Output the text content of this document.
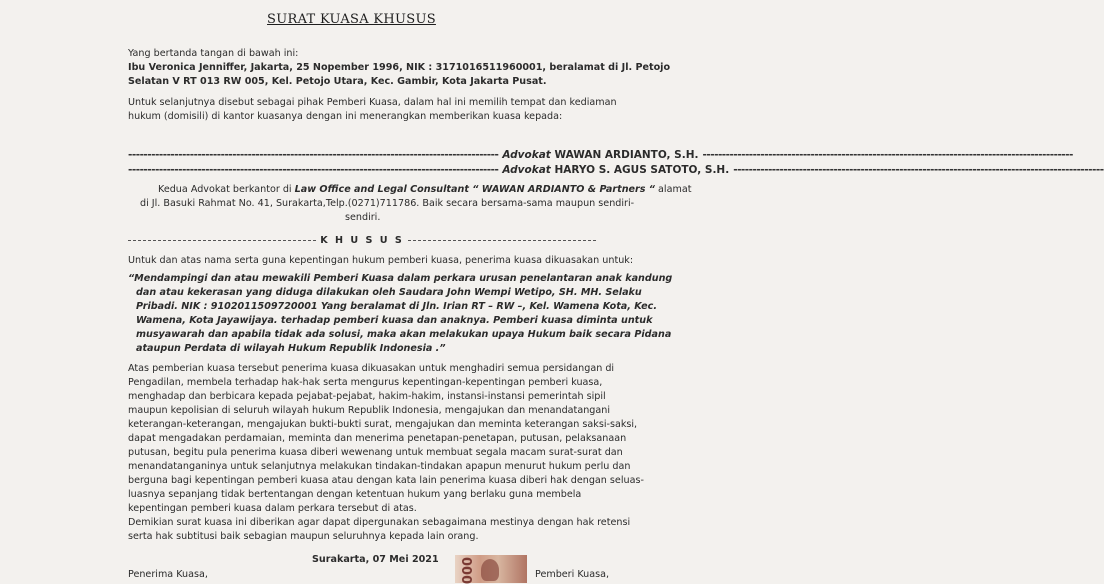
SURAT KUASA KHUSUS
Yang bertanda tangan di bawah ini:
Ibu Veronica Jenniffer, Jakarta, 25 Nopember 1996, NIK : 3171016511960001, beralamat di Jl. Petojo
Selatan V RT 013 RW 005, Kel. Petojo Utara, Kec. Gambir, Kota Jakarta Pusat.
Untuk selanjutnya disebut sebagai pihak Pemberi Kuasa, dalam hal ini memilih tempat dan kediaman
hukum (domisili) di kantor kuasanya dengan ini menerangkan memberikan kuasa kepada:
------------------------------------------------------------------------------------------------ Advokat WAWAN ARDIANTO, S.H. ------------------------------------------------------------------------------------------------
------------------------------------------------------------------------------------------------ Advokat HARYO S. AGUS SATOTO, S.H. ------------------------------------------------------------------------------------------------
Kedua Advokat berkantor di Law Office and Legal Consultant “ WAWAN ARDIANTO & Partners “ alamat
di Jl. Basuki Rahmat No. 41, Surakarta,Telp.(0271)711786. Baik secara bersama-sama maupun sendiri-
sendiri.
K H U S U S
Untuk dan atas nama serta guna kepentingan hukum pemberi kuasa, penerima kuasa dikuasakan untuk:
“Mendampingi dan atau mewakili Pemberi Kuasa dalam perkara urusan penelantaran anak kandung
dan atau kekerasan yang diduga dilakukan oleh Saudara John Wempi Wetipo, SH. MH. Selaku
Pribadi. NIK : 9102011509720001 Yang beralamat di Jln. Irian RT – RW –, Kel. Wamena Kota, Kec.
Wamena, Kota Jayawijaya. terhadap pemberi kuasa dan anaknya. Pemberi kuasa diminta untuk
musyawarah dan apabila tidak ada solusi, maka akan melakukan upaya Hukum baik secara Pidana
ataupun Perdata di wilayah Hukum Republik Indonesia .”
Atas pemberian kuasa tersebut penerima kuasa dikuasakan untuk menghadiri semua persidangan di
Pengadilan, membela terhadap hak-hak serta mengurus kepentingan-kepentingan pemberi kuasa,
menghadap dan berbicara kepada pejabat-pejabat, hakim-hakim, instansi-instansi pemerintah sipil
maupun kepolisian di seluruh wilayah hukum Republik Indonesia, mengajukan dan menandatangani
keterangan-keterangan, mengajukan bukti-bukti surat, mengajukan dan meminta keterangan saksi-saksi,
dapat mengadakan perdamaian, meminta dan menerima penetapan-penetapan, putusan, pelaksanaan
putusan, begitu pula penerima kuasa diberi wewenang untuk membuat segala macam surat-surat dan
menandatanganinya untuk selanjutnya melakukan tindakan-tindakan apapun menurut hukum perlu dan
berguna bagi kepentingan pemberi kuasa atau dengan kata lain penerima kuasa diberi hak dengan seluas-
luasnya sepanjang tidak bertentangan dengan ketentuan hukum yang berlaku guna membela
kepentingan pemberi kuasa dalam perkara tersebut di atas.
Demikian surat kuasa ini diberikan agar dapat dipergunakan sebagaimana mestinya dengan hak retensi
serta hak subtitusi baik sebagian maupun seluruhnya kepada lain orang.
Surakarta, 07 Mei 2021
Penerima Kuasa,	Pemberi Kuasa,
000
